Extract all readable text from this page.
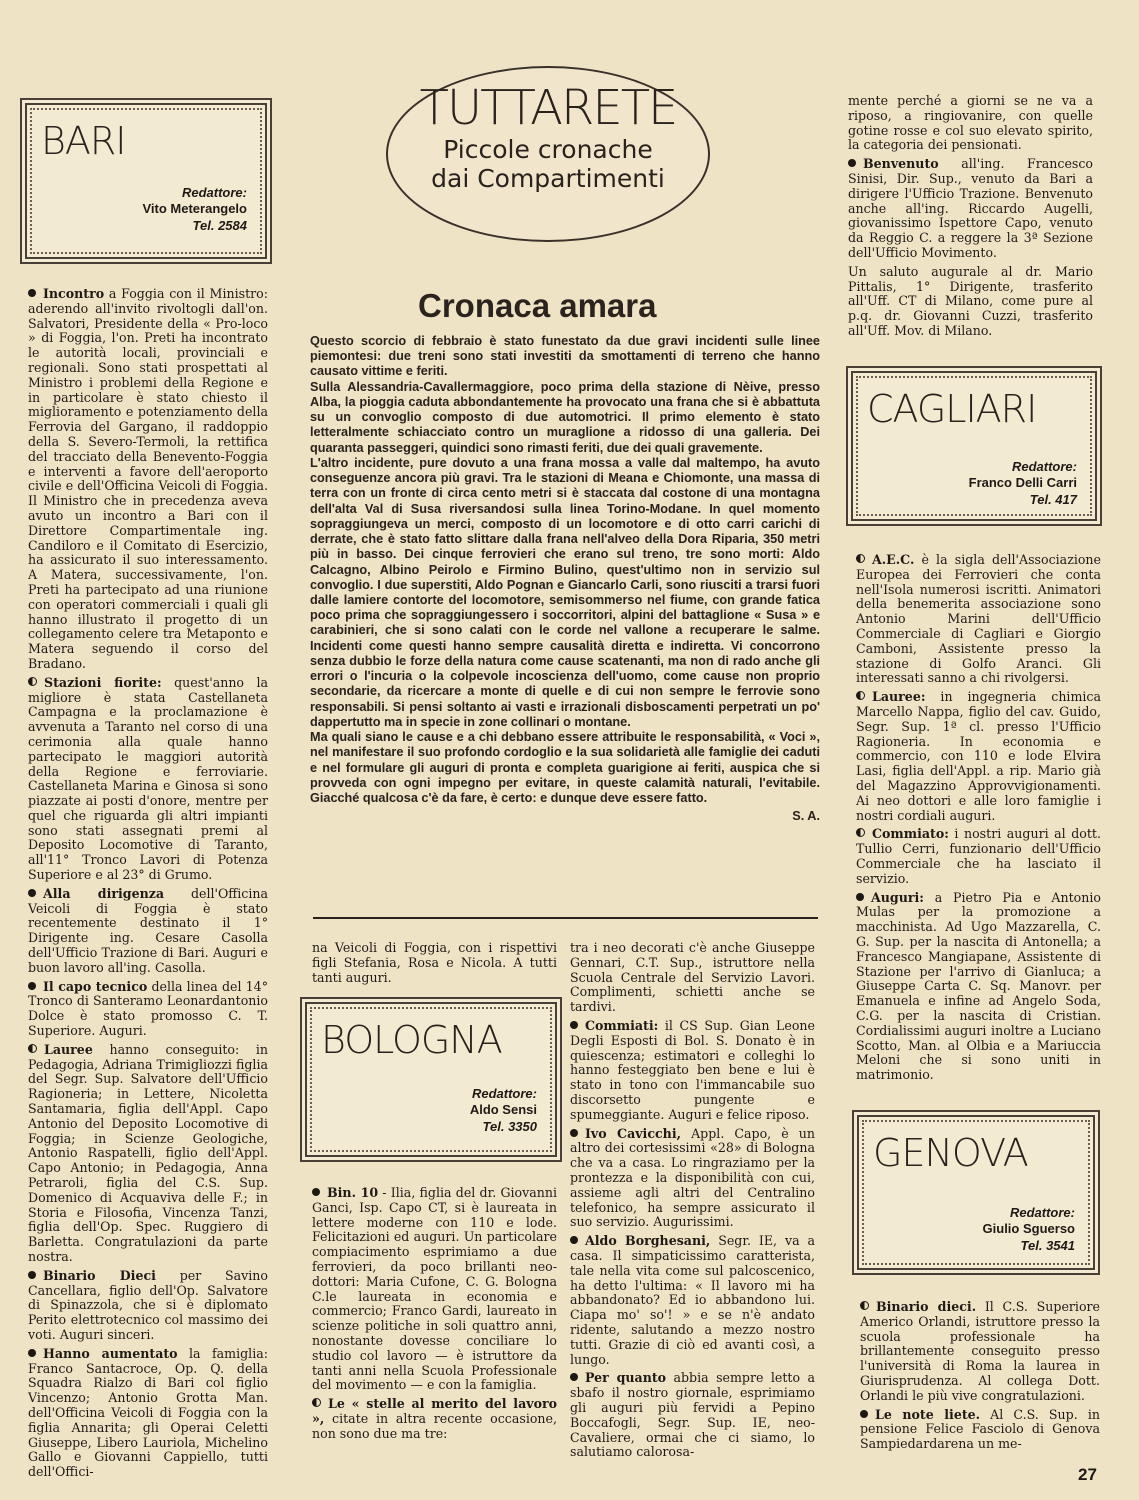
TUTTARETE
Piccole cronache
dai Compartimenti
BARI
Redattore:
Vito Meterangelo
Tel. 2584

Incontro a Foggia con il Ministro: aderendo all'invito rivoltogli dall'on. Salvatori, Presidente della « Pro-loco » di Foggia, l'on. Preti ha incontrato le autorità locali, provinciali e regionali. Sono stati prospettati al Ministro i problemi della Regione e in particolare è stato chiesto il miglioramento e potenziamento della Ferrovia del Gargano, il raddoppio della S. Severo-Termoli, la rettifica del tracciato della Benevento-Foggia e interventi a favore dell'aeroporto civile e dell'Officina Veicoli di Foggia. Il Ministro che in precedenza aveva avuto un incontro a Bari con il Direttore Compartimentale ing. Candiloro e il Comitato di Esercizio, ha assicurato il suo interessamento. A Matera, successivamente, l'on. Preti ha partecipato ad una riunione con operatori commerciali i quali gli hanno illustrato il progetto di un collegamento celere tra Metaponto e Matera seguendo il corso del Bradano.

Stazioni fiorite: quest'anno la migliore è stata Castellaneta Campagna e la proclamazione è avvenuta a Taranto nel corso di una cerimonia alla quale hanno partecipato le maggiori autorità della Regione e ferroviarie. Castellaneta Marina e Ginosa si sono piazzate ai posti d'onore, mentre per quel che riguarda gli altri impianti sono stati assegnati premi al Deposito Locomotive di Taranto, all'11° Tronco Lavori di Potenza Superiore e al 23° di Grumo.

Alla dirigenza dell'Officina Veicoli di Foggia è stato recentemente destinato il 1° Dirigente ing. Cesare Casolla dell'Ufficio Trazione di Bari. Auguri e buon lavoro all'ing. Casolla.

Il capo tecnico della linea del 14° Tronco di Santeramo Leonardantonio Dolce è stato promosso C. T. Superiore. Auguri.

Lauree hanno conseguito: in Pedagogia, Adriana Trimigliozzi figlia del Segr. Sup. Salvatore dell'Ufficio Ragioneria; in Lettere, Nicoletta Santamaria, figlia dell'Appl. Capo Antonio del Deposito Locomotive di Foggia; in Scienze Geologiche, Antonio Raspatelli, figlio dell'Appl. Capo Antonio; in Pedagogia, Anna Petraroli, figlia del C.S. Sup. Domenico di Acquaviva delle F.; in Storia e Filosofia, Vincenza Tanzi, figlia dell'Op. Spec. Ruggiero di Barletta. Congratulazioni da parte nostra.

Binario Dieci per Savino Cancellara, figlio dell'Op. Salvatore di Spinazzola, che si è diplomato Perito elettrotecnico col massimo dei voti. Auguri sinceri.

Hanno aumentato la famiglia: Franco Santacroce, Op. Q. della Squadra Rialzo di Bari col figlio Vincenzo; Antonio Grotta Man. dell'Officina Veicoli di Foggia con la figlia Annarita; gli Operai Celetti Giuseppe, Libero Lauriola, Michelino Gallo e Giovanni Cappiello, tutti dell'Offici-

Cronaca amara

Questo scorcio di febbraio è stato funestato da due gravi incidenti sulle linee piemontesi: due treni sono stati investiti da smottamenti di terreno che hanno causato vittime e feriti.

Sulla Alessandria-Cavallermaggiore, poco prima della stazione di Nèive, presso Alba, la pioggia caduta abbondantemente ha provocato una frana che si è abbattuta su un convoglio composto di due automotrici. Il primo elemento è stato letteralmente schiacciato contro un muraglione a ridosso di una galleria. Dei quaranta passeggeri, quindici sono rimasti feriti, due dei quali gravemente.

L'altro incidente, pure dovuto a una frana mossa a valle dal maltempo, ha avuto conseguenze ancora più gravi. Tra le stazioni di Meana e Chiomonte, una massa di terra con un fronte di circa cento metri si è staccata dal costone di una montagna dell'alta Val di Susa riversandosi sulla linea Torino-Modane. In quel momento sopraggiungeva un merci, composto di un locomotore e di otto carri carichi di derrate, che è stato fatto slittare dalla frana nell'alveo della Dora Riparia, 350 metri più in basso. Dei cinque ferrovieri che erano sul treno, tre sono morti: Aldo Calcagno, Albino Peirolo e Firmino Bulino, quest'ultimo non in servizio sul convoglio. I due superstiti, Aldo Pognan e Giancarlo Carli, sono riusciti a trarsi fuori dalle lamiere contorte del locomotore, semisommerso nel fiume, con grande fatica poco prima che sopraggiungessero i soccorritori, alpini del battaglione « Susa » e carabinieri, che si sono calati con le corde nel vallone a recuperare le salme. Incidenti come questi hanno sempre causalità diretta e indiretta. Vi concorrono senza dubbio le forze della natura come cause scatenanti, ma non di rado anche gli errori o l'incuria o la colpevole incoscienza dell'uomo, come cause non proprio secondarie, da ricercare a monte di quelle e di cui non sempre le ferrovie sono responsabili. Si pensi soltanto ai vasti e irrazionali disboscamenti perpetrati un po' dappertutto ma in specie in zone collinari o montane.

Ma quali siano le cause e a chi debbano essere attribuite le responsabilità, « Voci », nel manifestare il suo profondo cordoglio e la sua solidarietà alle famiglie dei caduti e nel formulare gli auguri di pronta e completa guarigione ai feriti, auspica che si provveda con ogni impegno per evitare, in queste calamità naturali, l'evitabile. Giacché qualcosa c'è da fare, è certo: e dunque deve essere fatto.

S. A.

na Veicoli di Foggia, con i rispettivi figli Stefania, Rosa e Nicola. A tutti tanti auguri.

BOLOGNA
Redattore:
Aldo Sensi
Tel. 3350

Bin. 10 - Ilia, figlia del dr. Giovanni Ganci, Isp. Capo CT, si è laureata in lettere moderne con 110 e lode. Felicitazioni ed auguri. Un particolare compiacimento esprimiamo a due ferrovieri, da poco brillanti neo-dottori: Maria Cufone, C. G. Bologna C.le laureata in economia e commercio; Franco Gardi, laureato in scienze politiche in soli quattro anni, nonostante dovesse conciliare lo studio col lavoro — è istruttore da tanti anni nella Scuola Professionale del movimento — e con la famiglia.

Le « stelle al merito del lavoro », citate in altra recente occasione, non sono due ma tre:

tra i neo decorati c'è anche Giuseppe Gennari, C.T. Sup., istruttore nella Scuola Centrale del Servizio Lavori. Complimenti, schietti anche se tardivi.

Commiati: il CS Sup. Gian Leone Degli Esposti di Bol. S. Donato è in quiescenza; estimatori e colleghi lo hanno festeggiato ben bene e lui è stato in tono con l'immancabile suo discorsetto pungente e spumeggiante. Auguri e felice riposo.

Ivo Cavicchi, Appl. Capo, è un altro dei cortesissimi «28» di Bologna che va a casa. Lo ringraziamo per la prontezza e la disponibilità con cui, assieme agli altri del Centralino telefonico, ha sempre assicurato il suo servizio. Augurissimi.

Aldo Borghesani, Segr. IE, va a casa. Il simpaticissimo caratterista, tale nella vita come sul palcoscenico, ha detto l'ultima: « Il lavoro mi ha abbandonato? Ed io abbandono lui. Ciapa mo' so'! » e se n'è andato ridente, salutando a mezzo nostro tutti. Grazie di ciò ed avanti così, a lungo.

Per quanto abbia sempre letto a sbafo il nostro giornale, esprimiamo gli auguri più fervidi a Pepino Boccafogli, Segr. Sup. IE, neo-Cavaliere, ormai che ci siamo, lo salutiamo calorosa-

mente perché a giorni se ne va a riposo, a ringiovanire, con quelle gotine rosse e col suo elevato spirito, la categoria dei pensionati.

Benvenuto all'ing. Francesco Sinisi, Dir. Sup., venuto da Bari a dirigere l'Ufficio Trazione. Benvenuto anche all'ing. Riccardo Augelli, giovanissimo Ispettore Capo, venuto da Reggio C. a reggere la 3ª Sezione dell'Ufficio Movimento.

Un saluto augurale al dr. Mario Pittalis, 1° Dirigente, trasferito all'Uff. CT di Milano, come pure al p.q. dr. Giovanni Cuzzi, trasferito all'Uff. Mov. di Milano.

CAGLIARI
Redattore:
Franco Delli Carri
Tel. 417

A.E.C. è la sigla dell'Associazione Europea dei Ferrovieri che conta nell'Isola numerosi iscritti. Animatori della benemerita associazione sono Antonio Marini dell'Ufficio Commerciale di Cagliari e Giorgio Camboni, Assistente presso la stazione di Golfo Aranci. Gli interessati sanno a chi rivolgersi.

Lauree: in ingegneria chimica Marcello Nappa, figlio del cav. Guido, Segr. Sup. 1ª cl. presso l'Ufficio Ragioneria. In economia e commercio, con 110 e lode Elvira Lasi, figlia dell'Appl. a rip. Mario già del Magazzino Approvvigionamenti. Ai neo dottori e alle loro famiglie i nostri cordiali auguri.

Commiato: i nostri auguri al dott. Tullio Cerri, funzionario dell'Ufficio Commerciale che ha lasciato il servizio.

Auguri: a Pietro Pia e Antonio Mulas per la promozione a macchinista. Ad Ugo Mazzarella, C. G. Sup. per la nascita di Antonella; a Francesco Mangiapane, Assistente di Stazione per l'arrivo di Gianluca; a Giuseppe Carta C. Sq. Manovr. per Emanuela e infine ad Angelo Soda, C.G. per la nascita di Cristian. Cordialissimi auguri inoltre a Luciano Scotto, Man. al Olbia e a Mariuccia Meloni che si sono uniti in matrimonio.

GENOVA
Redattore:
Giulio Sguerso
Tel. 3541

Binario dieci. Il C.S. Superiore Americo Orlandi, istruttore presso la scuola professionale ha brillantemente conseguito presso l'università di Roma la laurea in Giurisprudenza. Al collega Dott. Orlandi le più vive congratulazioni.

Le note liete. Al C.S. Sup. in pensione Felice Fasciolo di Genova Sampiedardarena un me-

27
